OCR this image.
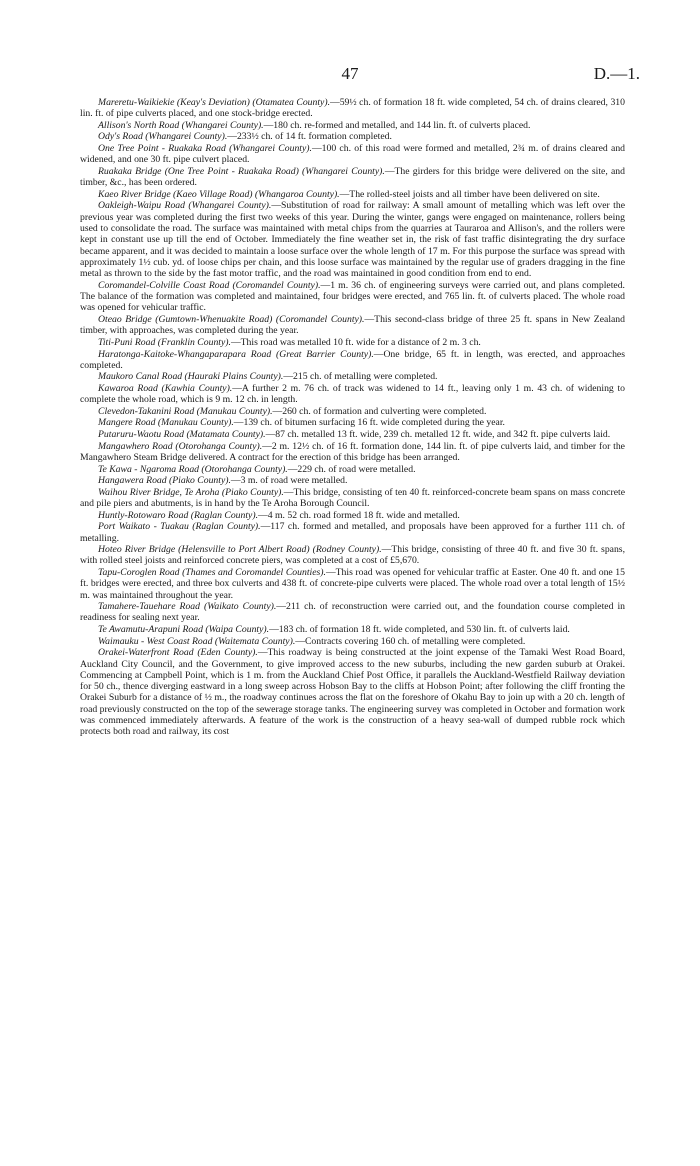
47	D.—1.

Mareretu-Waikiekie (Keay's Deviation) (Otamatea County).—59½ ch. of formation 18 ft. wide completed, 54 ch. of drains cleared, 310 lin. ft. of pipe culverts placed, and one stock-bridge erected.

Allison's North Road (Whangarei County).—180 ch. re-formed and metalled, and 144 lin. ft. of culverts placed.

Ody's Road (Whangarei County).—233½ ch. of 14 ft. formation completed.

One Tree Point - Ruakaka Road (Whangarei County).—100 ch. of this road were formed and metalled, 2¾ m. of drains cleared and widened, and one 30 ft. pipe culvert placed.

Ruakaka Bridge (One Tree Point - Ruakaka Road) (Whangarei County).—The girders for this bridge were delivered on the site, and timber, &c., has been ordered.

Kaeo River Bridge (Kaeo Village Road) (Whangaroa County).—The rolled-steel joists and all timber have been delivered on site.

Oakleigh-Waipu Road (Whangarei County).—Substitution of road for railway: A small amount of metalling which was left over the previous year was completed during the first two weeks of this year. During the winter, gangs were engaged on maintenance, rollers being used to consolidate the road. The surface was maintained with metal chips from the quarries at Tauraroa and Allison's, and the rollers were kept in constant use up till the end of October. Immediately the fine weather set in, the risk of fast traffic disintegrating the dry surface became apparent, and it was decided to maintain a loose surface over the whole length of 17 m. For this purpose the surface was spread with approximately 1½ cub. yd. of loose chips per chain, and this loose surface was maintained by the regular use of graders dragging in the fine metal as thrown to the side by the fast motor traffic, and the road was maintained in good condition from end to end.

Coromandel-Colville Coast Road (Coromandel County).—1 m. 36 ch. of engineering surveys were carried out, and plans completed. The balance of the formation was completed and maintained, four bridges were erected, and 765 lin. ft. of culverts placed. The whole road was opened for vehicular traffic.

Oteao Bridge (Gumtown-Whenuakite Road) (Coromandel County).—This second-class bridge of three 25 ft. spans in New Zealand timber, with approaches, was completed during the year.

Titi-Puni Road (Franklin County).—This road was metalled 10 ft. wide for a distance of 2 m. 3 ch.

Haratonga-Kaitoke-Whangaparapara Road (Great Barrier County).—One bridge, 65 ft. in length, was erected, and approaches completed.

Maukoro Canal Road (Hauraki Plains County).—215 ch. of metalling were completed.

Kawaroa Road (Kawhia County).—A further 2 m. 76 ch. of track was widened to 14 ft., leaving only 1 m. 43 ch. of widening to complete the whole road, which is 9 m. 12 ch. in length.

Clevedon-Takanini Road (Manukau County).—260 ch. of formation and culverting were completed.

Mangere Road (Manukau County).—139 ch. of bitumen surfacing 16 ft. wide completed during the year.

Putaruru-Waotu Road (Matamata County).—87 ch. metalled 13 ft. wide, 239 ch. metalled 12 ft. wide, and 342 ft. pipe culverts laid.

Mangawhero Road (Otorohanga County).—2 m. 12½ ch. of 16 ft. formation done, 144 lin. ft. of pipe culverts laid, and timber for the Mangawhero Steam Bridge delivered. A contract for the erection of this bridge has been arranged.

Te Kawa - Ngaroma Road (Otorohanga County).—229 ch. of road were metalled.

Hangawera Road (Piako County).—3 m. of road were metalled.

Waihou River Bridge, Te Aroha (Piako County).—This bridge, consisting of ten 40 ft. reinforced-concrete beam spans on mass concrete and pile piers and abutments, is in hand by the Te Aroha Borough Council.

Huntly-Rotowaro Road (Raglan County).—4 m. 52 ch. road formed 18 ft. wide and metalled.

Port Waikato - Tuakau (Raglan County).—117 ch. formed and metalled, and proposals have been approved for a further 111 ch. of metalling.

Hoteo River Bridge (Helensville to Port Albert Road) (Rodney County).—This bridge, consisting of three 40 ft. and five 30 ft. spans, with rolled steel joists and reinforced concrete piers, was completed at a cost of £5,670.

Tapu-Coroglen Road (Thames and Coromandel Counties).—This road was opened for vehicular traffic at Easter. One 40 ft. and one 15 ft. bridges were erected, and three box culverts and 438 ft. of concrete-pipe culverts were placed. The whole road over a total length of 15½ m. was maintained throughout the year.

Tamahere-Taueharе Road (Waikato County).—211 ch. of reconstruction were carried out, and the foundation course completed in readiness for sealing next year.

Te Awamutu-Arapuni Road (Waipa County).—183 ch. of formation 18 ft. wide completed, and 530 lin. ft. of culverts laid.

Waimauku - West Coast Road (Waitemata County).—Contracts covering 160 ch. of metalling were completed.

Orakei-Waterfront Road (Eden County).—This roadway is being constructed at the joint expense of the Tamaki West Road Board, Auckland City Council, and the Government, to give improved access to the new suburbs, including the new garden suburb at Orakei. Commencing at Campbell Point, which is 1 m. from the Auckland Chief Post Office, it parallels the Auckland-Westfield Railway deviation for 50 ch., thence diverging eastward in a long sweep across Hobson Bay to the cliffs at Hobson Point; after following the cliff fronting the Orakei Suburb for a distance of ½ m., the roadway continues across the flat on the foreshore of Okahu Bay to join up with a 20 ch. length of road previously constructed on the top of the sewerage storage tanks. The engineering survey was completed in October and formation work was commenced immediately afterwards. A feature of the work is the construction of a heavy sea-wall of dumped rubble rock which protects both road and railway, its cost
